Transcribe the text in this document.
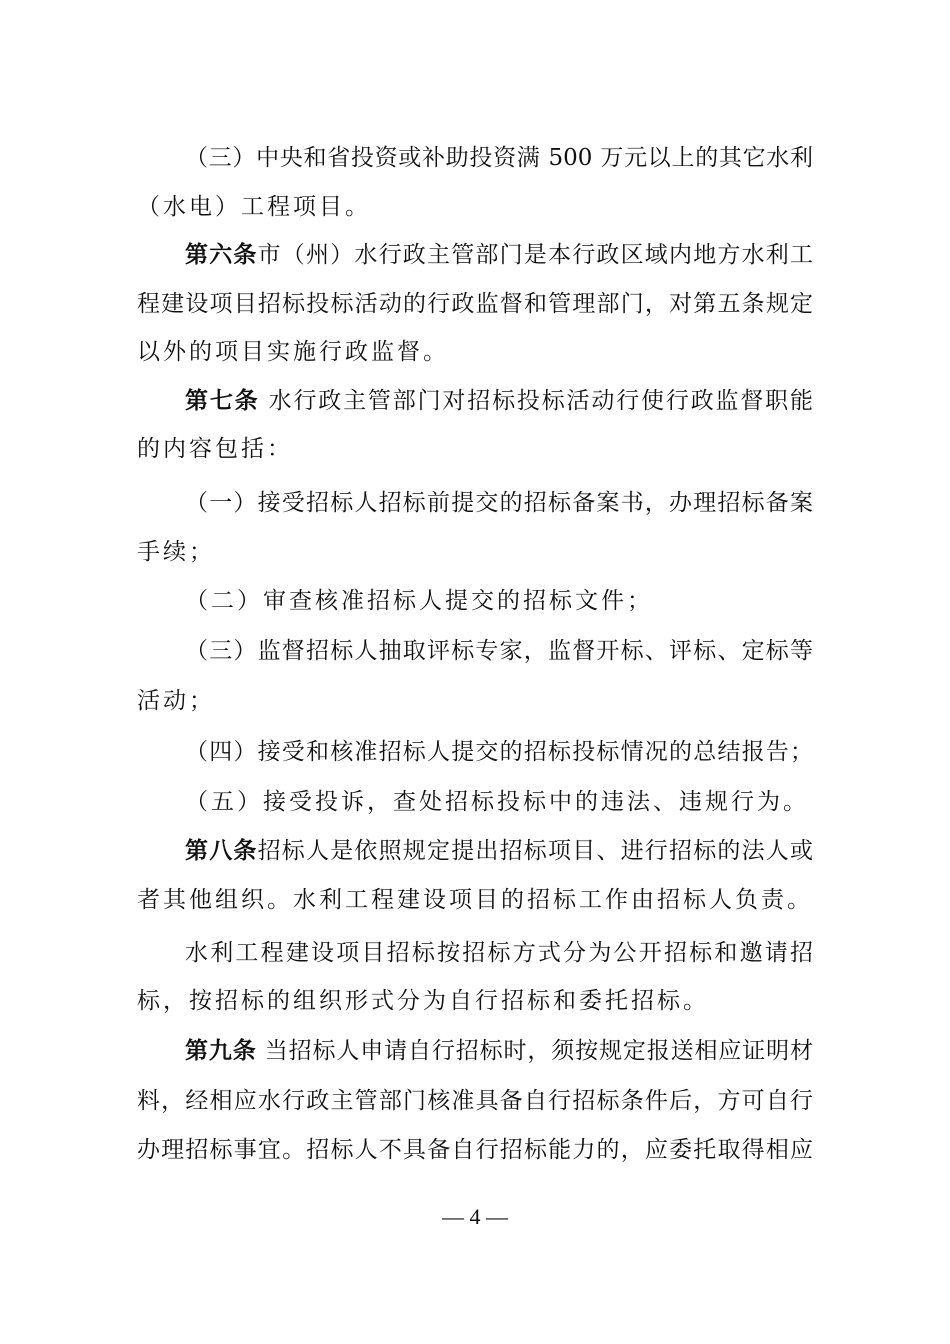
（三）中央和省投资或补助投资满 500 万元以上的其它水利
（水电）工程项目。
第六条市（州）水行政主管部门是本行政区域内地方水利工
程建设项目招标投标活动的行政监督和管理部门，对第五条规定
以外的项目实施行政监督。
第七条 水行政主管部门对招标投标活动行使行政监督职能
的内容包括：
（一）接受招标人招标前提交的招标备案书，办理招标备案
手续；
（二）审查核准招标人提交的招标文件；
（三）监督招标人抽取评标专家，监督开标、评标、定标等
活动；
（四）接受和核准招标人提交的招标投标情况的总结报告；
（五）接受投诉，查处招标投标中的违法、违规行为。
第八条招标人是依照规定提出招标项目、进行招标的法人或
者其他组织。水利工程建设项目的招标工作由招标人负责。
水利工程建设项目招标按招标方式分为公开招标和邀请招
标，按招标的组织形式分为自行招标和委托招标。
第九条 当招标人申请自行招标时，须按规定报送相应证明材
料，经相应水行政主管部门核准具备自行招标条件后，方可自行
办理招标事宜。招标人不具备自行招标能力的，应委托取得相应
— 4 —
